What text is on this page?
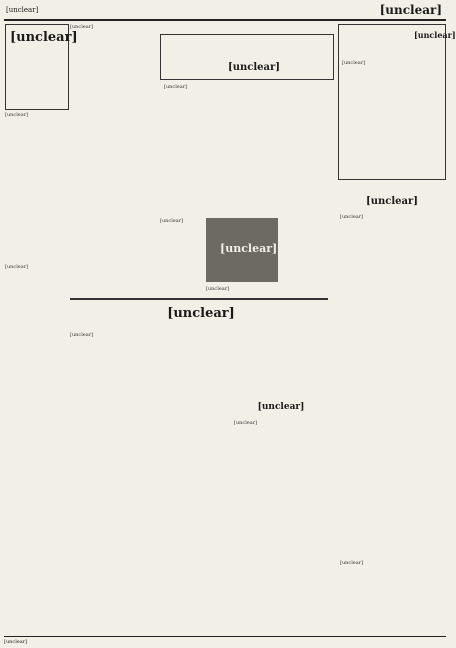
[unclear]	[unclear]
[unclear]
[unclear]
[unclear]
[unclear]
[unclear]
[unclear]
[unclear]
[unclear]
[unclear]
[unclear]
[unclear]
[unclear]
[unclear]
[unclear]
[unclear]
[unclear]
[unclear]
[unclear]
[unclear]
